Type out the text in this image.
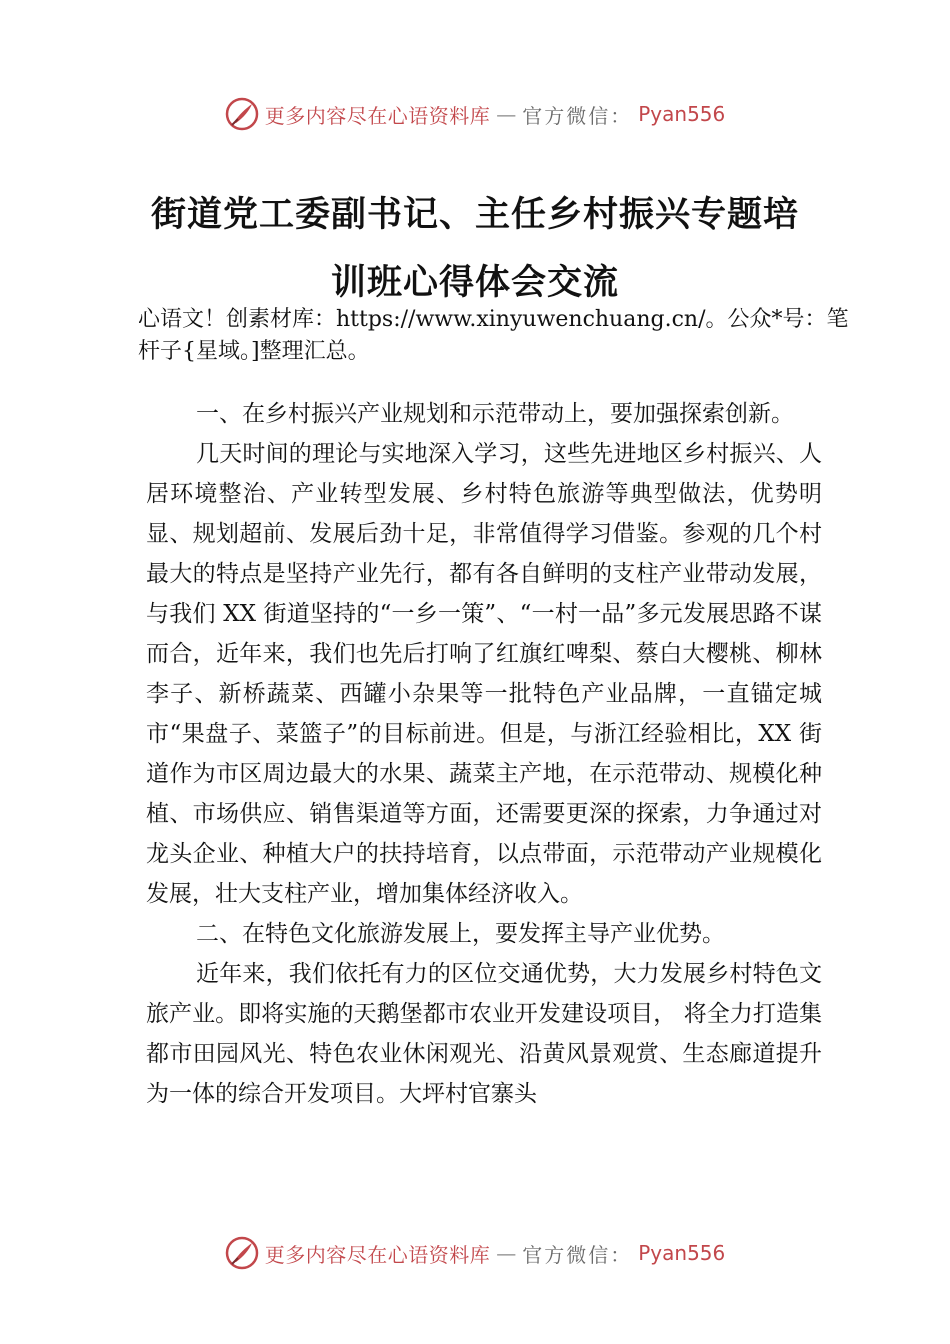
更多内容尽在心语资料库 — 官方微信： Pyan556
街道党工委副书记、主任乡村振兴专题培
训班心得体会交流
心语文！创素材库：https://www.xinyuwenchuang.cn/。公众*号：笔杆子{星域。]整理汇总。

一、在乡村振兴产业规划和示范带动上，要加强探索创新。

几天时间的理论与实地深入学习，这些先进地区乡村振兴、人居环境整治、产业转型发展、乡村特色旅游等典型做法，优势明显、规划超前、发展后劲十足，非常值得学习借鉴。参观的几个村最大的特点是坚持产业先行，都有各自鲜明的支柱产业带动发展，与我们 XX 街道坚持的“一乡一策”、“一村一品”多元发展思路不谋而合，近年来，我们也先后打响了红旗红啤梨、蔡白大樱桃、柳林李子、新桥蔬菜、西罐小杂果等一批特色产业品牌，一直锚定城市“果盘子、菜篮子”的目标前进。但是，与浙江经验相比，XX 街道作为市区周边最大的水果、蔬菜主产地，在示范带动、规模化种植、市场供应、销售渠道等方面，还需要更深的探索，力争通过对龙头企业、种植大户的扶持培育，以点带面，示范带动产业规模化发展，壮大支柱产业，增加集体经济收入。

二、在特色文化旅游发展上，要发挥主导产业优势。

近年来，我们依托有力的区位交通优势，大力发展乡村特色文旅产业。即将实施的天鹅堡都市农业开发建设项目， 将全力打造集都市田园风光、特色农业休闲观光、沿黄风景观赏、生态廊道提升为一体的综合开发项目。大坪村官寨头

更多内容尽在心语资料库 — 官方微信： Pyan556
